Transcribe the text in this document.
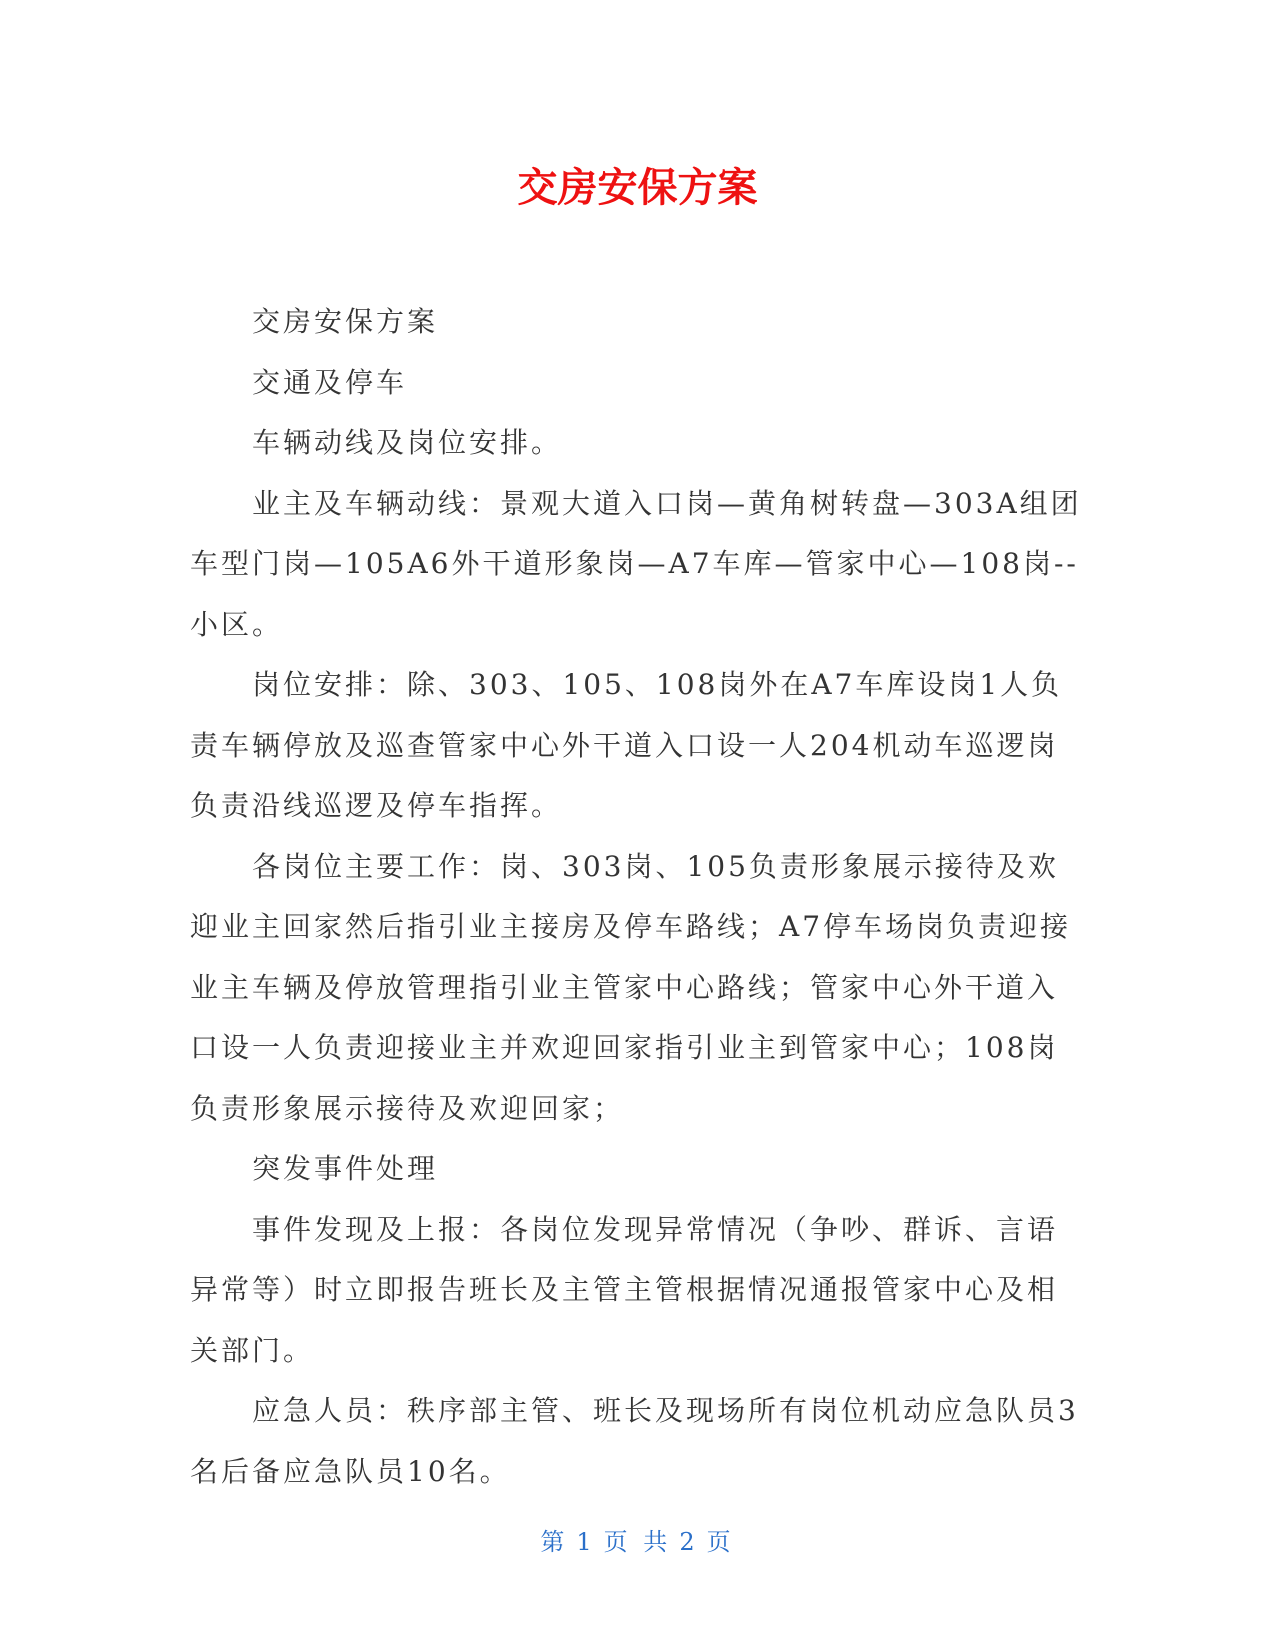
交房安保方案

交房安保方案

交通及停车

车辆动线及岗位安排。

业主及车辆动线：景观大道入口岗—黄角树转盘—303A组团车型门岗—105A6外干道形象岗—A7车库—管家中心—108岗--小区。

岗位安排：除、303、105、108岗外在A7车库设岗1人负责车辆停放及巡查管家中心外干道入口设一人204机动车巡逻岗负责沿线巡逻及停车指挥。

各岗位主要工作：岗、303岗、105负责形象展示接待及欢迎业主回家然后指引业主接房及停车路线；A7停车场岗负责迎接业主车辆及停放管理指引业主管家中心路线；管家中心外干道入口设一人负责迎接业主并欢迎回家指引业主到管家中心；108岗负责形象展示接待及欢迎回家；

突发事件处理

事件发现及上报：各岗位发现异常情况（争吵、群诉、言语异常等）时立即报告班长及主管主管根据情况通报管家中心及相关部门。

应急人员：秩序部主管、班长及现场所有岗位机动应急队员3名后备应急队员10名。

第 1 页 共 2 页
